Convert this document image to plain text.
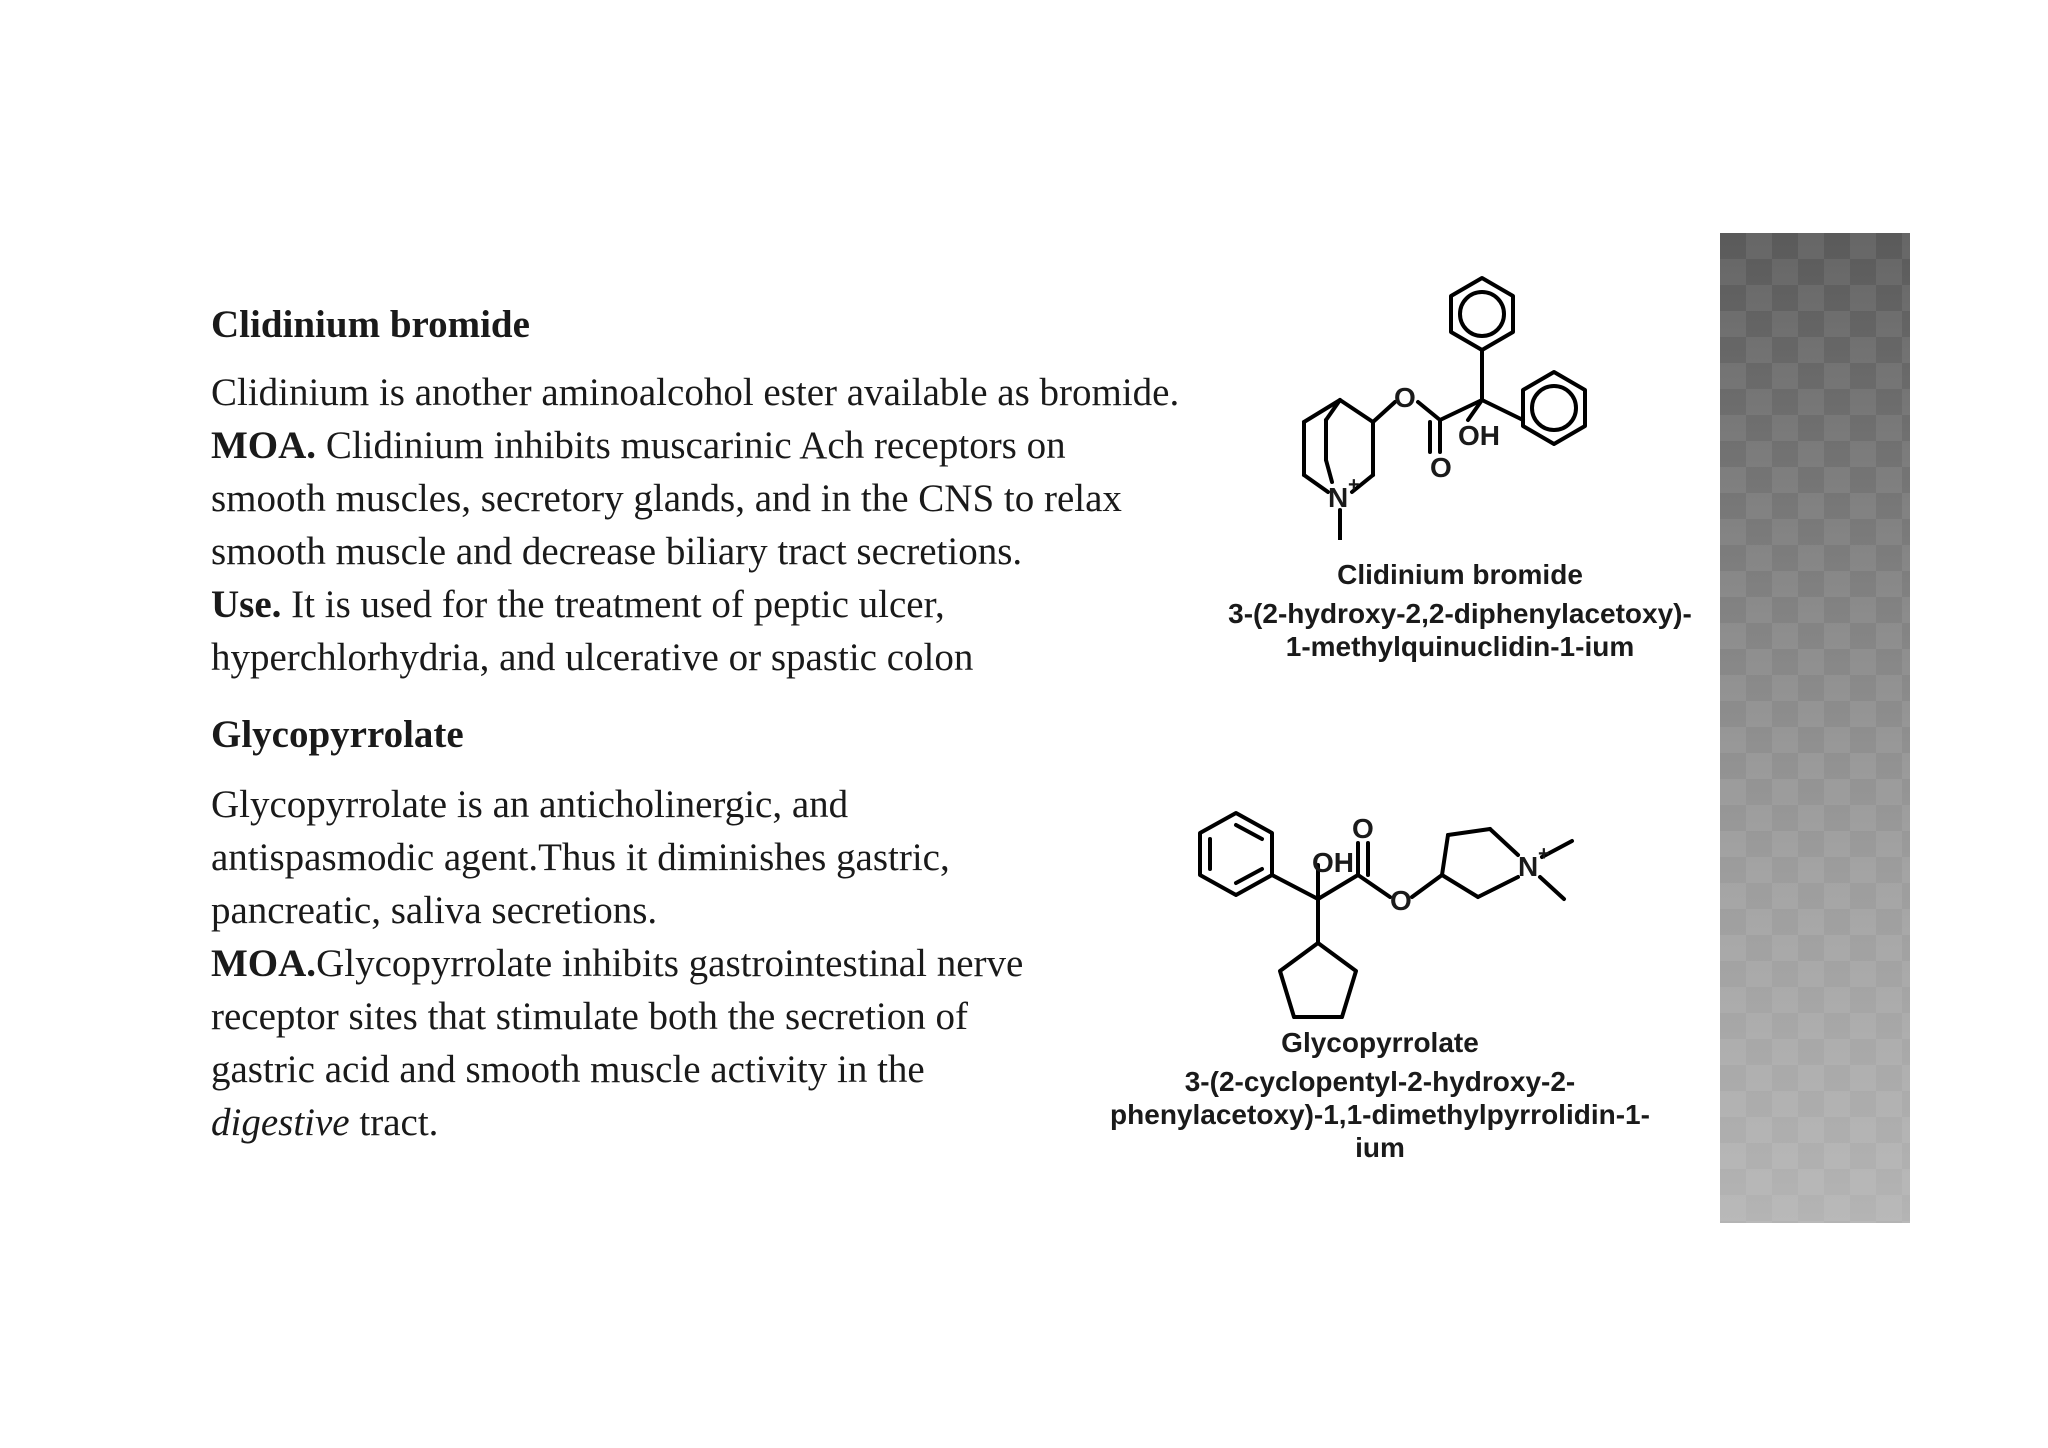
Clidinium bromide
Clidinium is another aminoalcohol ester available as bromide.
MOA. Clidinium inhibits muscarinic Ach receptors on
smooth muscles, secretory glands, and in the CNS to relax
smooth muscle and decrease biliary tract secretions.
Use. It is used for the treatment of peptic ulcer,
hyperchlorhydria, and ulcerative or spastic colon
O
O
OH
N +
Clidinium bromide
3-(2-hydroxy-2,2-diphenylacetoxy)-
1-methylquinuclidin-1-ium
Glycopyrrolate
Glycopyrrolate is an anticholinergic, and
antispasmodic agent.Thus it diminishes gastric,
pancreatic, saliva secretions.
MOA.Glycopyrrolate inhibits gastrointestinal nerve
receptor sites that stimulate both the secretion of
gastric acid and smooth muscle activity in the
digestive tract.
OH
O
O
N +
Glycopyrrolate
3-(2-cyclopentyl-2-hydroxy-2-
phenylacetoxy)-1,1-dimethylpyrrolidin-1-
ium
